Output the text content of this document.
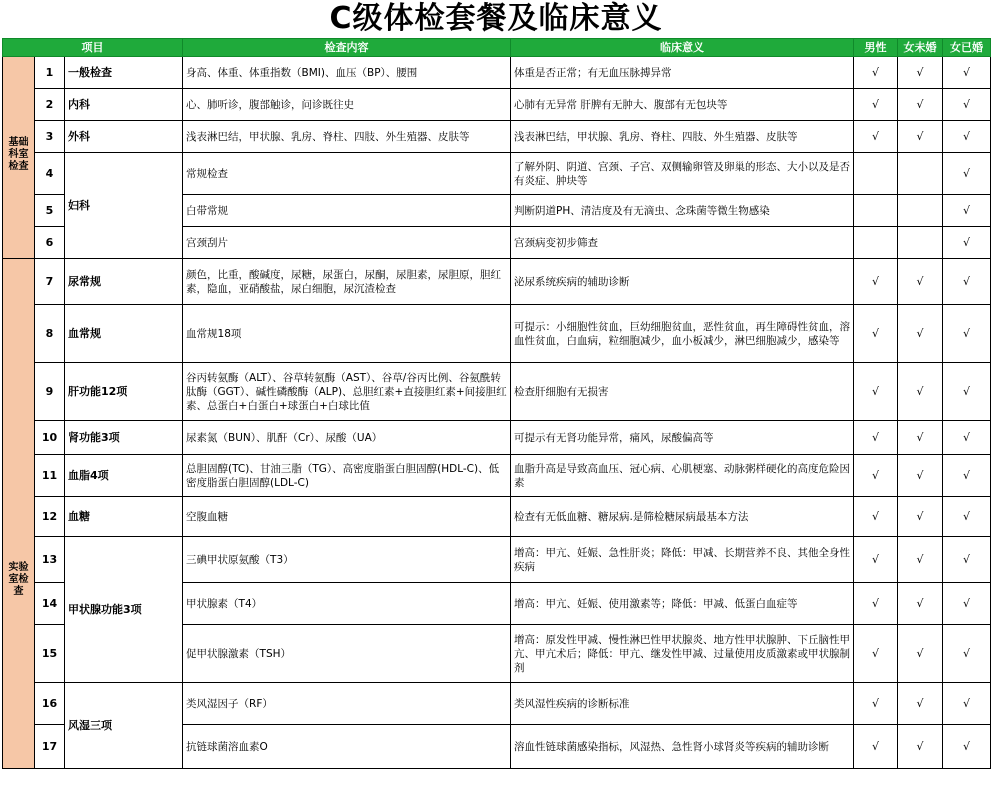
C级体检套餐及临床意义
项目			检查内容	临床意义	男性	女未婚	女已婚

基础科室检查	1	一般检查	身高、体重、体重指数（BMI)、血压（BP）、腰围	体重是否正常；有无血压脉搏异常	√	√	√
	2	内科	心、肺听诊，腹部触诊，问诊既往史	心肺有无异常 肝脾有无肿大、腹部有无包块等	√	√	√
	3	外科	浅表淋巴结，甲状腺、乳房、脊柱、四肢、外生殖器、皮肤等	浅表淋巴结，甲状腺、乳房、脊柱、四肢、外生殖器、皮肤等	√	√	√
	4	妇科	常规检查	了解外阴、阴道、宫颈、子宫、双侧输卵管及卵巢的形态、大小以及是否有炎症、肿块等			√
	5		白带常规	判断阴道PH、清洁度及有无滴虫、念珠菌等微生物感染			√
	6		宫颈刮片	宫颈病变初步筛查			√

实验室检查	7	尿常规	颜色，比重，酸碱度，尿糖，尿蛋白，尿酮，尿胆素，尿胆原，胆红素，隐血，亚硝酸盐，尿白细胞，尿沉渣检查	泌尿系统疾病的辅助诊断	√	√	√
	8	血常规	血常规18项	可提示：小细胞性贫血，巨幼细胞贫血，恶性贫血，再生障碍性贫血，溶血性贫血，白血病，粒细胞减少，血小板减少，淋巴细胞减少，感染等	√	√	√
	9	肝功能12项	谷丙转氨酶（ALT）、谷草转氨酶（AST）、谷草/谷丙比例、谷氨酰转肽酶（GGT）、碱性磷酸酶（ALP)、总胆红素+直接胆红素+间接胆红素、总蛋白+白蛋白+球蛋白+白球比值	检查肝细胞有无损害	√	√	√
	10	肾功能3项	尿素氮（BUN）、肌酐（Cr）、尿酸（UA）	可提示有无肾功能异常，痛风，尿酸偏高等	√	√	√
	11	血脂4项	总胆固醇(TC)、甘油三脂（TG）、高密度脂蛋白胆固醇(HDL-C)、低密度脂蛋白胆固醇(LDL-C)	血脂升高是导致高血压、冠心病、心肌梗塞、动脉粥样硬化的高度危险因素	√	√	√
	12	血糖	空腹血糖	检查有无低血糖、糖尿病.是筛检糖尿病最基本方法	√	√	√
	13	甲状腺功能3项	三碘甲状原氨酸（T3）	增高：甲亢、妊娠、急性肝炎；降低：甲减、长期营养不良、其他全身性疾病	√	√	√
	14		甲状腺素（T4）	增高：甲亢、妊娠、使用激素等；降低：甲减、低蛋白血症等	√	√	√
	15		促甲状腺激素（TSH）	增高：原发性甲减、慢性淋巴性甲状腺炎、地方性甲状腺肿、下丘脑性甲亢、甲亢术后；降低：甲亢、继发性甲减、过量使用皮质激素或甲状腺制剂	√	√	√
	16	风湿三项	类风湿因子（RF）	类风湿性疾病的诊断标准	√	√	√
	17		抗链球菌溶血素O	溶血性链球菌感染指标，风湿热、急性肾小球肾炎等疾病的辅助诊断	√	√	√
